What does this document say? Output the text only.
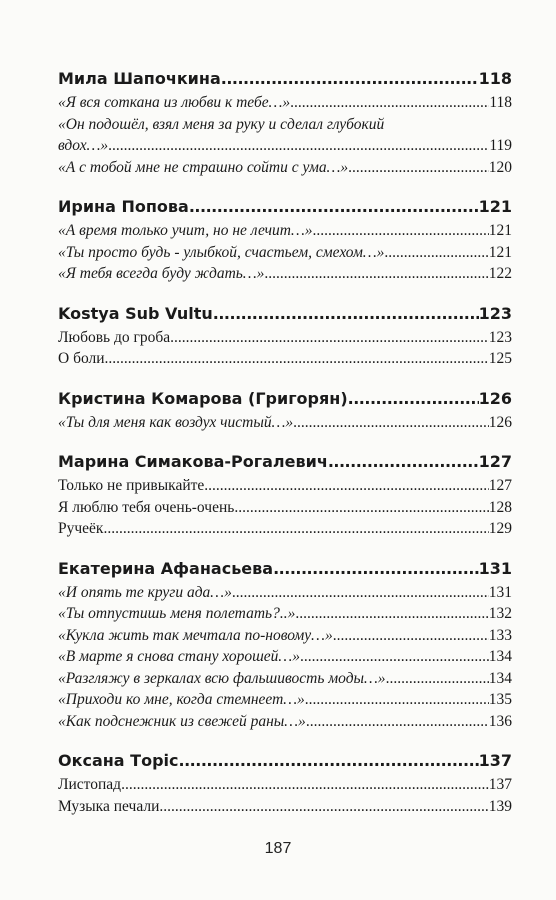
Мила Шапочкина .....	118
«Я вся соткана из любви к тебе…» .....	118
«Он подошёл, взял меня за руку и сделал глубокий
вдох…» .....	119
«А с тобой мне не страшно сойти с ума…» .....	120
Ирина Попова .....	121
«А время только учит, но не лечит…» .....	121
«Ты просто будь - улыбкой, счастьем, смехом…» .....	121
«Я тебя всегда буду ждать…» .....	122
Kostya Sub Vultu .....	123
Любовь до гроба .....	123
О боли .....	125
Кристина Комарова (Григорян) .....	126
«Ты для меня как воздух чистый…» .....	126
Марина Симакова-Рогалевич .....	127
Только не привыкайте .....	127
Я люблю тебя очень-очень .....	128
Ручеёк .....	129
Екатерина Афанасьева .....	131
«И опять те круги ада…» .....	131
«Ты отпустишь меня полетать?..» .....	132
«Кукла жить так мечтала по-новому…» .....	133
«В марте я снова стану хорошей…» .....	134
«Разгляжу в зеркалах всю фальшивость моды…» .....	134
«Приходи ко мне, когда стемнеет…» .....	135
«Как подснежник из свежей раны…» .....	136
Оксана Торіс .....	137
Листопад .....	137
Музыка печали .....	139
187
